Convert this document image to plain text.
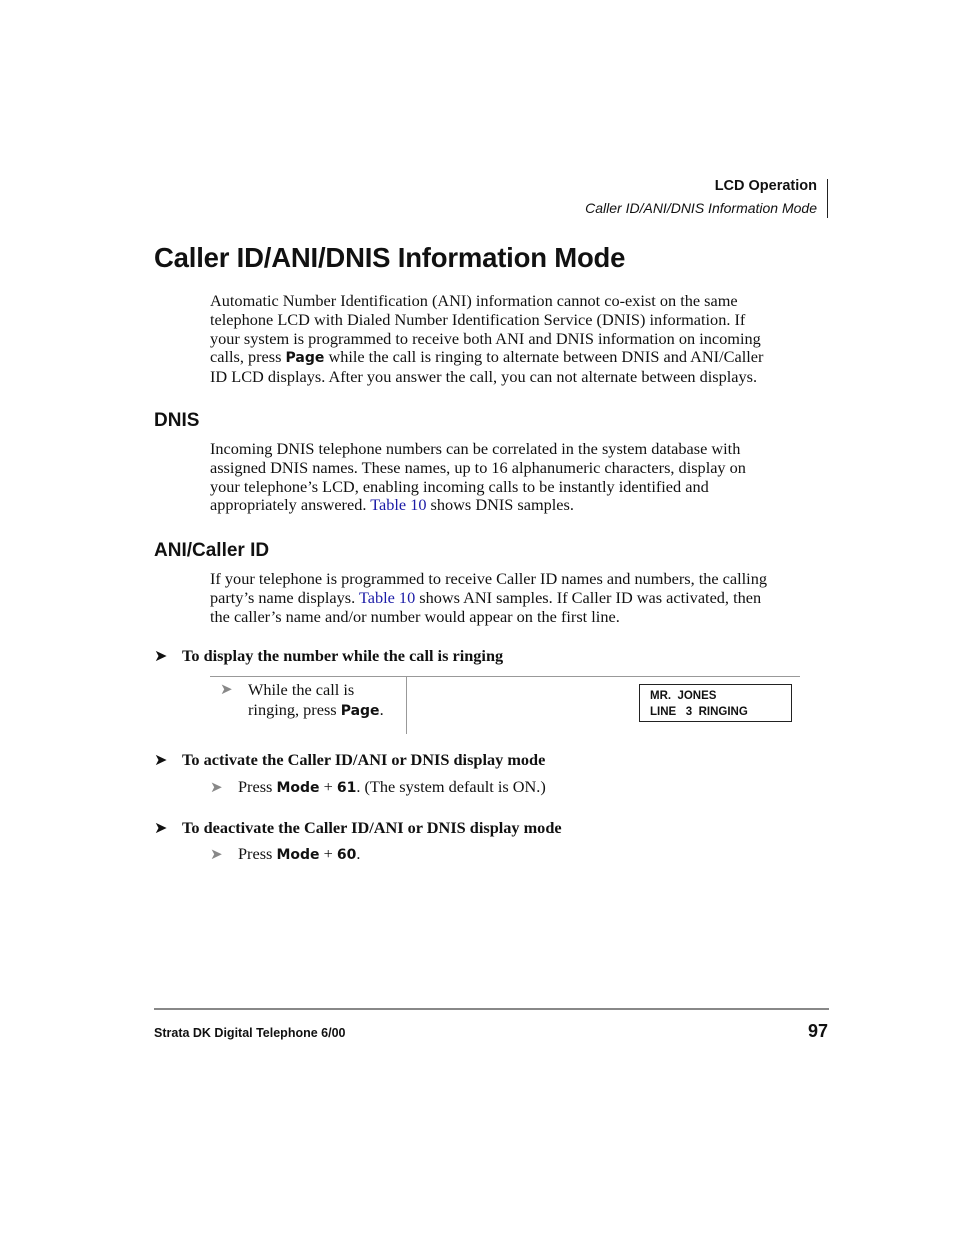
LCD Operation
Caller ID/ANI/DNIS Information Mode
Caller ID/ANI/DNIS Information Mode
Automatic Number Identification (ANI) information cannot co-exist on the same
telephone LCD with Dialed Number Identification Service (DNIS) information. If
your system is programmed to receive both ANI and DNIS information on incoming
calls, press Page while the call is ringing to alternate between DNIS and ANI/Caller
ID LCD displays. After you answer the call, you can not alternate between displays.
DNIS
Incoming DNIS telephone numbers can be correlated in the system database with
assigned DNIS names. These names, up to 16 alphanumeric characters, display on
your telephone’s LCD, enabling incoming calls to be instantly identified and
appropriately answered. Table 10 shows DNIS samples.
ANI/Caller ID
If your telephone is programmed to receive Caller ID names and numbers, the calling
party’s name displays. Table 10 shows ANI samples. If Caller ID was activated, then
the caller’s name and/or number would appear on the first line.
➤ To display the number while the call is ringing
➤ While the call is
ringing, press Page.
MR.  JONES
LINE   3  RINGING
➤ To activate the Caller ID/ANI or DNIS display mode
➤ Press Mode + 61. (The system default is ON.)
➤ To deactivate the Caller ID/ANI or DNIS display mode
➤ Press Mode + 60.
Strata DK Digital Telephone 6/00	97
